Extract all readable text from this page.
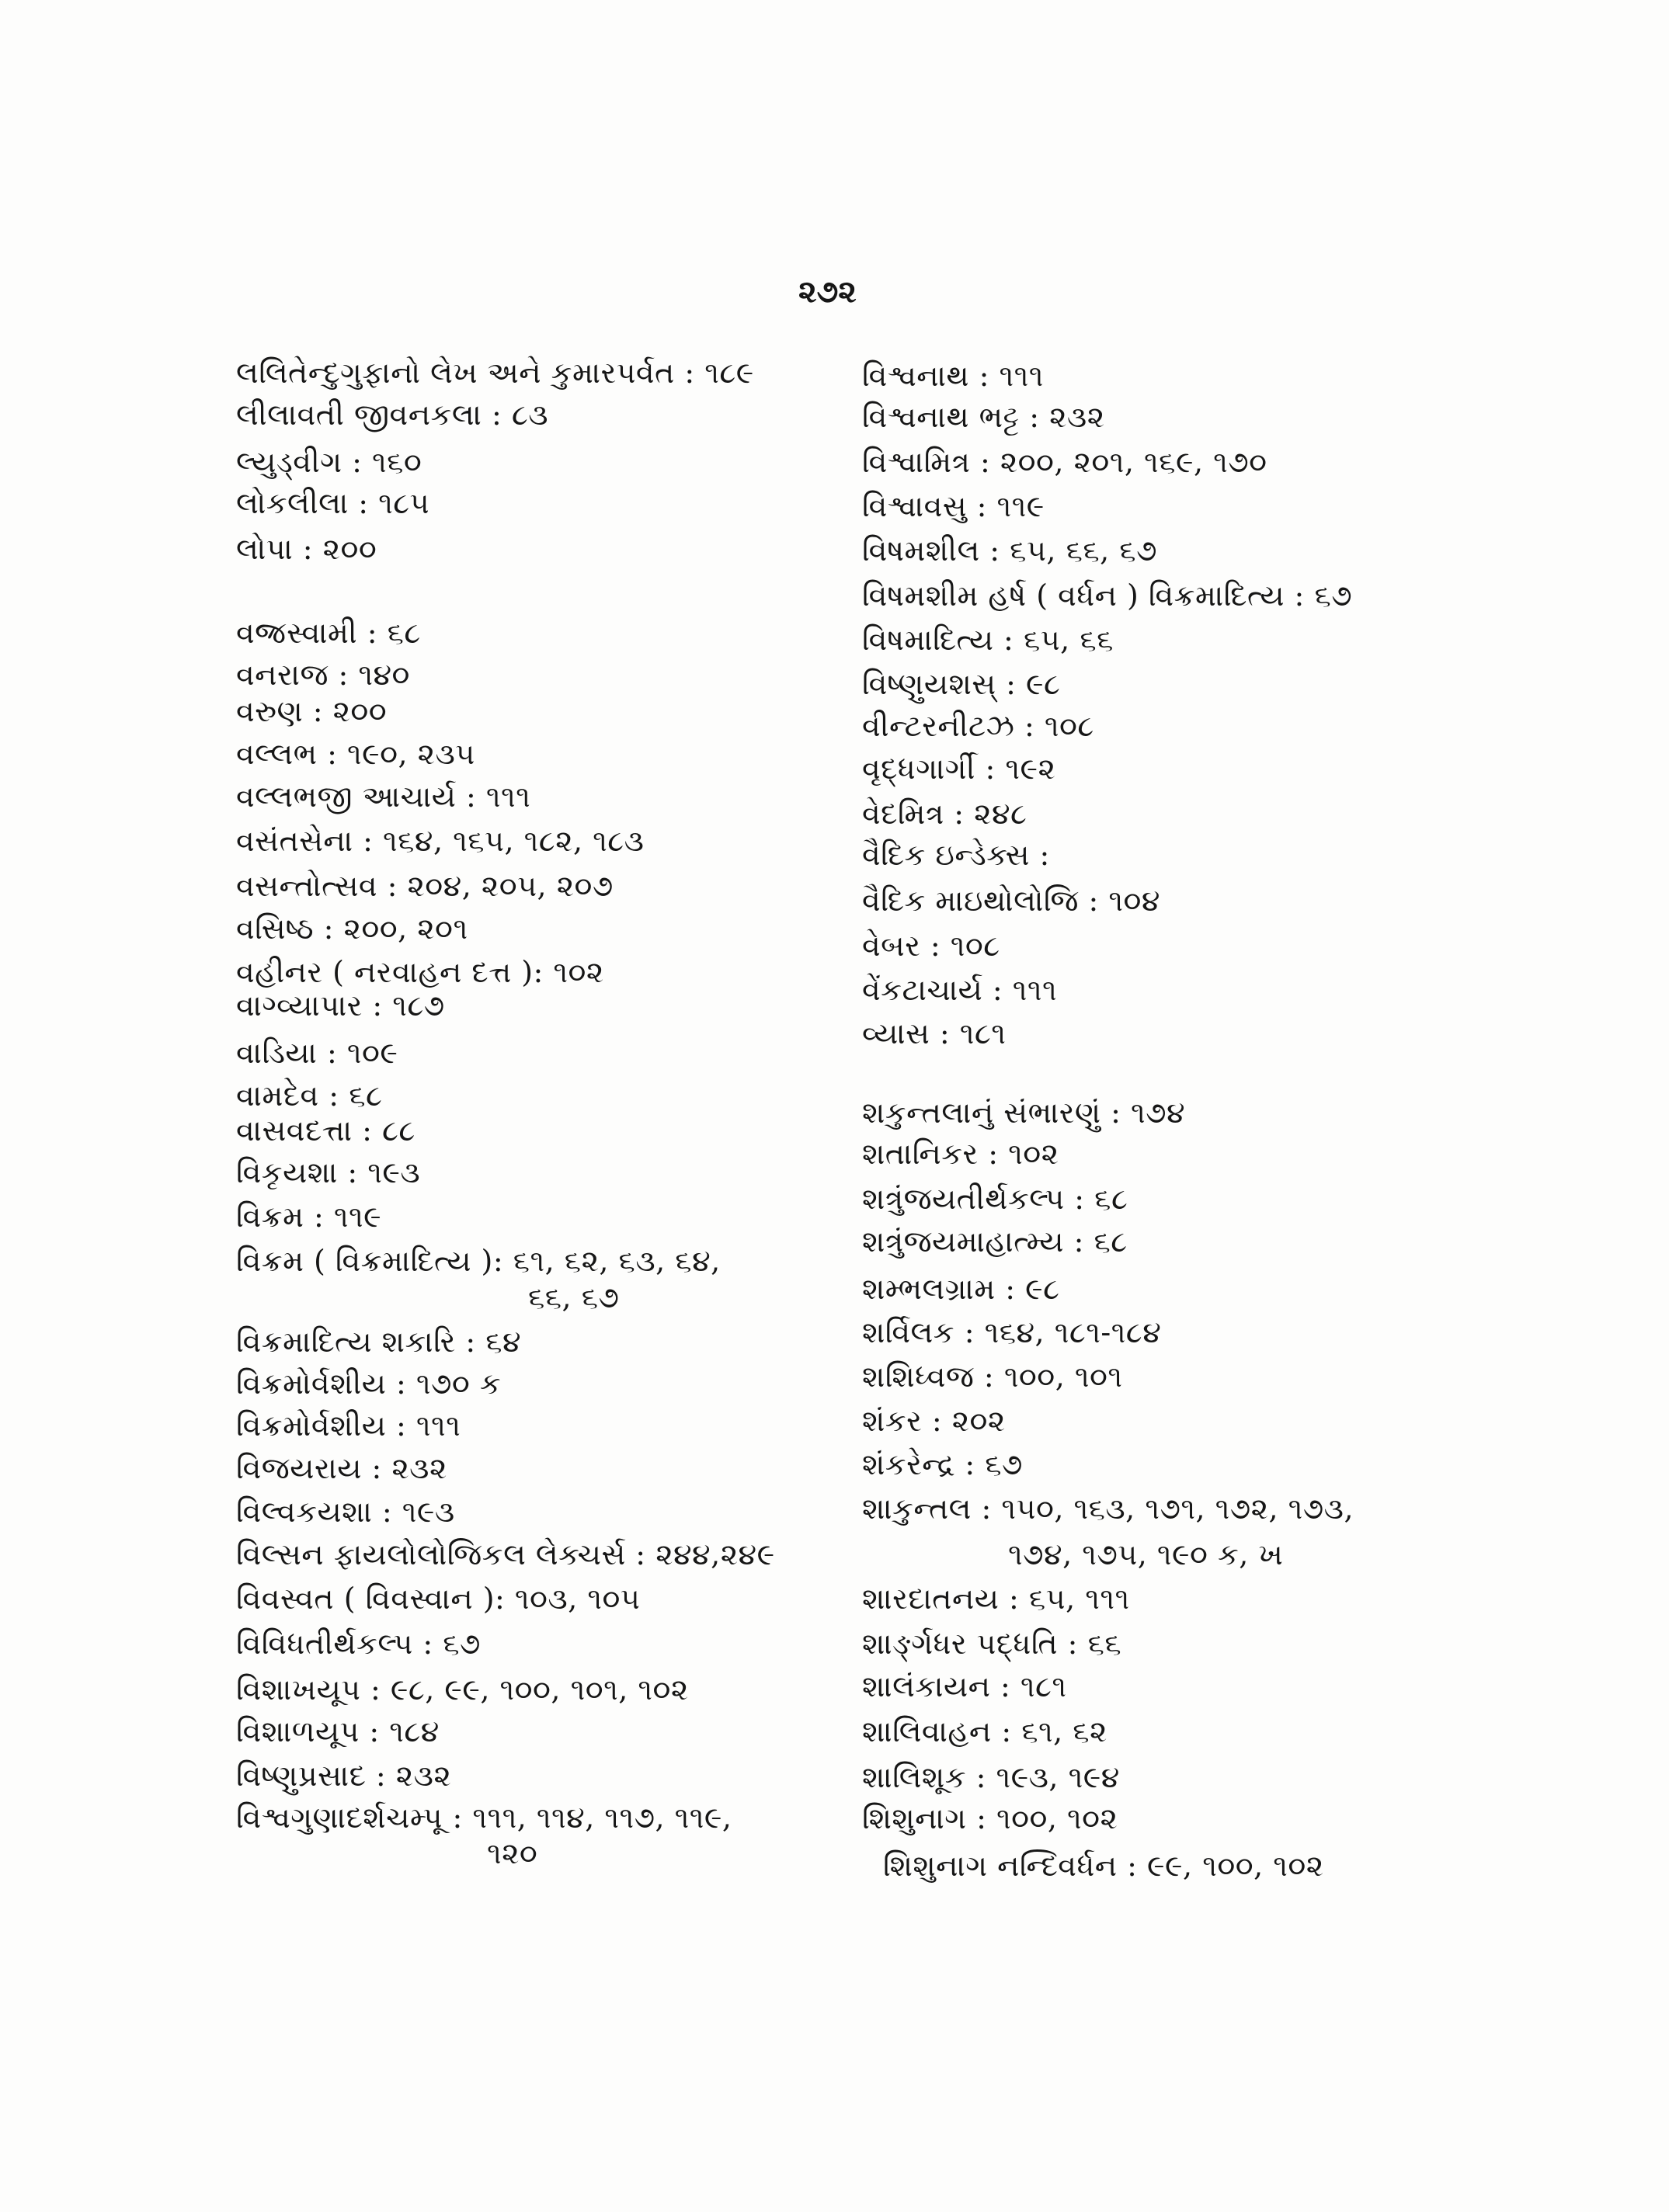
૨૭૨
લલિતેન્દુગુફાનો લેખ અને કુમારપર્વત : ૧૮૯
લીલાવતી જીવનકલા : ૮૩
લ્યુડ્વીગ : ૧૬૦
લોકલીલા : ૧૮૫
લોપા : ૨૦૦
વજ્રસ્વામી : ૬૮
વનરાજ : ૧૪૦
વરુણ : ૨૦૦
વલ્લભ : ૧૯૦, ૨૩૫
વલ્લભજી આચાર્ય : ૧૧૧
વસંતસેના : ૧૬૪, ૧૬૫, ૧૮૨, ૧૮૩
વસન્તોત્સવ : ૨૦૪, ૨૦૫, ૨૦૭
વસિષ્ઠ : ૨૦૦, ૨૦૧
વહીનર ( નરવાહન દત્ત ): ૧૦૨
વાગ્વ્યાપાર : ૧૮૭
વાડિયા : ૧૦૯
વામદેવ : ૬૮
વાસવદત્તા : ૮૮
વિકૃયશા : ૧૯૩
વિક્રમ : ૧૧૯
વિક્રમ ( વિક્રમાદિત્ય ): ૬૧, ૬૨, ૬૩, ૬૪,
૬૬, ૬૭
વિક્રમાદિત્ય શકારિ : ૬૪
વિક્રમોર્વશીય : ૧૭૦ ક
વિક્રમોર્વશીય : ૧૧૧
વિજયરાય : ૨૩૨
વિલ્વકયશા : ૧૯૩
વિલ્સન ફાયલોલોજિકલ લેક્ચર્સ : ૨૪૪,૨૪૯
વિવસ્વત ( વિવસ્વાન ): ૧૦૩, ૧૦૫
વિવિધતીર્થકલ્પ : ૬૭
વિશાખયૂપ : ૯૮, ૯૯, ૧૦૦, ૧૦૧, ૧૦૨
વિશાળયૂપ : ૧૮૪
વિષ્ણુપ્રસાદ : ૨૩૨
વિશ્વગુણાદર્શચમ્પૂ : ૧૧૧, ૧૧૪, ૧૧૭, ૧૧૯,
૧૨૦
વિશ્વનાથ : ૧૧૧
વિશ્વનાથ ભટ્ટ : ૨૩૨
વિશ્વામિત્ર : ૨૦૦, ૨૦૧, ૧૬૯, ૧૭૦
વિશ્વાવસુ : ૧૧૯
વિષમશીલ : ૬૫, ૬૬, ૬૭
વિષમશીમ હર્ષ ( વર્ધન ) વિક્રમાદિત્ય : ૬૭
વિષમાદિત્ય : ૬૫, ૬૬
વિષ્ણુયશસ્ : ૯૮
વીન્ટરનીટઝ : ૧૦૮
વૃદ્ધગાર્ગી : ૧૯૨
વેદમિત્ર : ૨૪૮
વૈદિક ઇન્ડેક્સ :
વૈદિક માઇથોલોજિ : ૧૦૪
વેબર : ૧૦૮
વેંકટાચાર્ય : ૧૧૧
વ્યાસ : ૧૮૧
શકુન્તલાનું સંભારણું : ૧૭૪
શતાનિકર : ૧૦૨
શત્રુંજયતીર્થકલ્પ : ૬૮
શત્રુંજયમાહાત્મ્ય : ૬૮
શમ્ભલગ્રામ : ૯૮
શર્વિલક : ૧૬૪, ૧૮૧-૧૮૪
શશિધ્વજ : ૧૦૦, ૧૦૧
શંકર : ૨૦૨
શંકરેન્દ્ર : ૬૭
શાકુન્તલ : ૧૫૦, ૧૬૩, ૧૭૧, ૧૭૨, ૧૭૩,
૧૭૪, ૧૭૫, ૧૯૦ ક, ખ
શારદાતનય : ૬૫, ૧૧૧
શાર્ઙ્ગધર પદ્ધતિ : ૬૬
શાલંકાયન : ૧૮૧
શાલિવાહન : ૬૧, ૬૨
શાલિશૂક : ૧૯૩, ૧૯૪
શિશુનાગ : ૧૦૦, ૧૦૨
શિશુનાગ નન્દિવર્ધન : ૯૯, ૧૦૦, ૧૦૨
